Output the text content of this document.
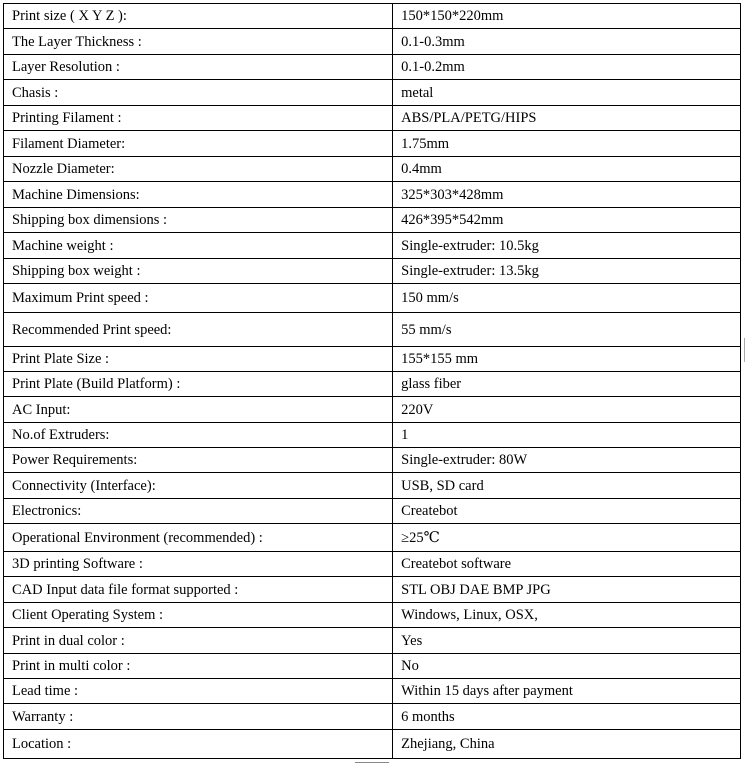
Print size ( X Y Z ):	150*150*220mm
The Layer Thickness :	0.1-0.3mm
Layer Resolution :	0.1-0.2mm
Chasis :	metal
Printing Filament :	ABS/PLA/PETG/HIPS
Filament Diameter:	1.75mm
Nozzle Diameter:	0.4mm
Machine Dimensions:	325*303*428mm
Shipping box dimensions :	426*395*542mm
Machine weight :	Single-extruder: 10.5kg
Shipping box weight :	Single-extruder: 13.5kg
Maximum Print speed :	150 mm/s
Recommended Print speed:	55 mm/s
Print Plate Size :	155*155 mm
Print Plate (Build Platform) :	glass fiber
AC Input:	220V
No.of Extruders:	1
Power Requirements:	Single-extruder: 80W
Connectivity (Interface):	USB, SD card
Electronics:	Createbot
Operational Environment (recommended) :	≥25℃
3D printing Software :	Createbot software
CAD Input data file format supported :	STL OBJ DAE BMP JPG
Client Operating System :	Windows, Linux, OSX,
Print in dual color :	Yes
Print in multi color :	No
Lead time :	Within 15 days after payment
Warranty :	6 months
Location :	Zhejiang, China
